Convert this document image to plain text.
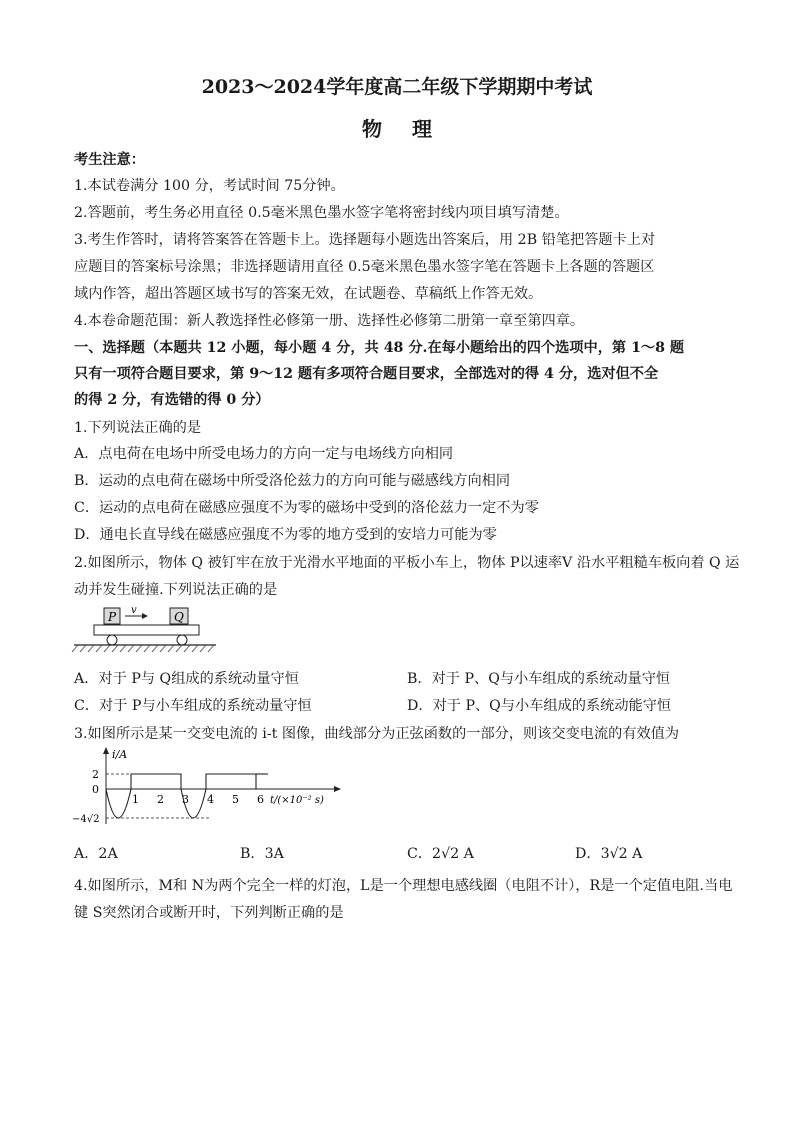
2023～2024学年度高二年级下学期期中考试
物理
考生注意：
1.本试卷满分 100 分，考试时间 75分钟。
2.答题前，考生务必用直径 0.5毫米黑色墨水签字笔将密封线内项目填写清楚。
3.考生作答时，请将答案答在答题卡上。选择题每小题选出答案后，用 2B 铅笔把答题卡上对
应题目的答案标号涂黑；非选择题请用直径 0.5毫米黑色墨水签字笔在答题卡上各题的答题区
域内作答，超出答题区域书写的答案无效，在试题卷、草稿纸上作答无效。
4.本卷命题范围：新人教选择性必修第一册、选择性必修第二册第一章至第四章。
一、选择题（本题共 12 小题，每小题 4 分，共 48 分.在每小题给出的四个选项中，第 1～8 题
只有一项符合题目要求，第 9～12 题有多项符合题目要求，全部选对的得 4 分，选对但不全
的得 2 分，有选错的得 0 分）
1.下列说法正确的是
A．点电荷在电场中所受电场力的方向一定与电场线方向相同
B．运动的点电荷在磁场中所受洛伦兹力的方向可能与磁感线方向相同
C．运动的点电荷在磁感应强度不为零的磁场中受到的洛伦兹力一定不为零
D．通电长直导线在磁感应强度不为零的地方受到的安培力可能为零
2.如图所示，物体 Q 被钉牢在放于光滑水平地面的平板小车上，物体 P以速率V 沿水平粗糙车板向着 Q 运
动并发生碰撞.下列说法正确的是
P v	Q
A．对于 P与 Q组成的系统动量守恒	B．对于 P、Q与小车组成的系统动量守恒
C．对于 P与小车组成的系统动量守恒	D．对于 P、Q与小车组成的系统动能守恒
3.如图所示是某一交变电流的 i-t 图像，曲线部分为正弦函数的一部分，则该交变电流的有效值为
i/A
2
0
−4√2
1 2 3 4 5 6 t/(×10⁻² s)
A．2A	B．3A	C．2√2 A	D．3√2 A
4.如图所示，M和 N为两个完全一样的灯泡，L是一个理想电感线圈（电阻不计），R是一个定值电阻.当电
键 S突然闭合或断开时，下列判断正确的是
